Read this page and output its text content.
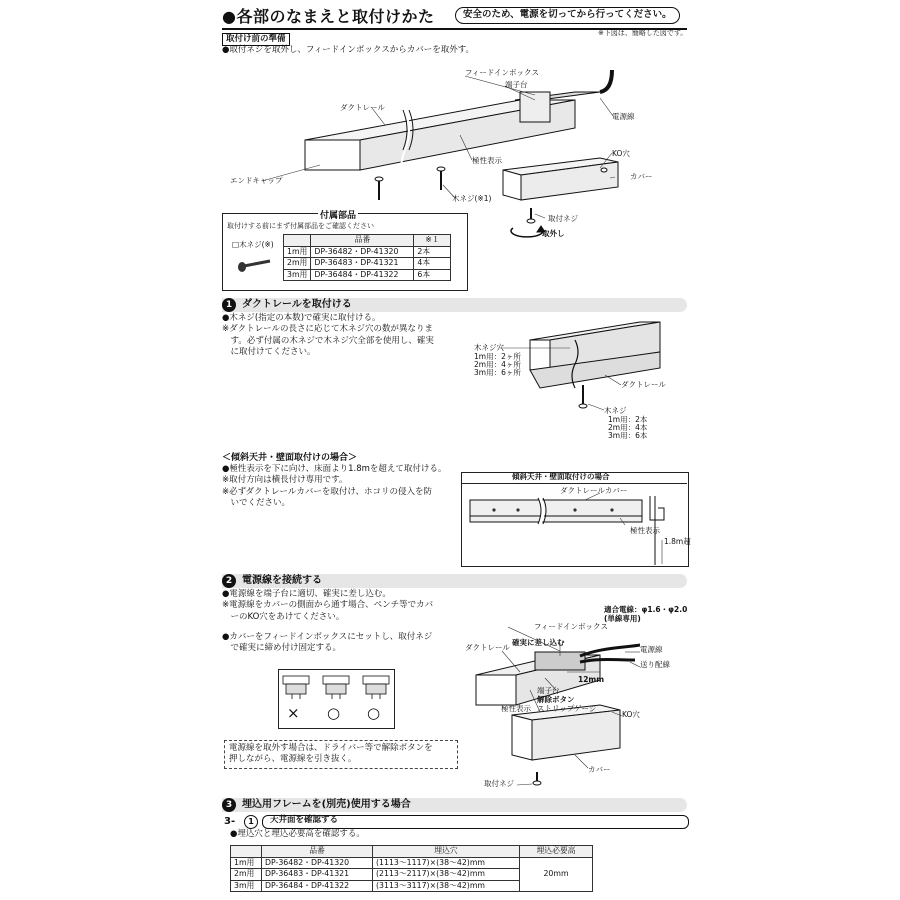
●各部のなまえと取付けかた	安全のため、電源を切ってから行ってください。
※下図は、簡略した図です。
取付け前の準備
●取付ネジを取外し、フィードインボックスからカバーを取外す。
フィードインボックス
端子台
ダクトレール
電源線
極性表示
KO穴
エンドキャップ	カバー
木ネジ(※1)
取付ネジ
取外し
付属部品
取付けする前にまず付属部品をご確認ください
□木ネジ(※)
	品番	※１
1m用	DP-36482・DP-41320	2本
2m用	DP-36483・DP-41321	4本
3m用	DP-36484・DP-41322	6本
1 ダクトレールを取付ける
●木ネジ(指定の本数)で確実に取付ける。
※ダクトレールの長さに応じて木ネジ穴の数が異なりま
　す。必ず付属の木ネジで木ネジ穴全部を使用し、確実
　に取付けてください。	木ネジ穴
1m用：2ヶ所
2m用：4ヶ所
3m用：6ヶ所
ダクトレール
木ネジ
1m用：2本
2m用：4本
3m用：6本
＜傾斜天井・壁面取付けの場合＞
●極性表示を下に向け、床面より1.8mを超えて取付ける。
※取付方向は横長付け専用です。
※必ずダクトレールカバーを取付け、ホコリの侵入を防
　いでください。
傾斜天井・壁面取付けの場合
ダクトレールカバー
極性表示
1.8m超
2 電源線を接続する
●電源線を端子台に適切、確実に差し込む。
※電源線をカバーの側面から通す場合、ペンチ等でカバ
　ーのKO穴をあけてください。
●カバーをフィードインボックスにセットし、取付ネジ
　で確実に締め付け固定する。
× ○ ○
電源線を取外す場合は、ドライバー等で解除ボタンを
押しながら、電源線を引き抜く。
適合電線：φ1.6・φ2.0
(単線専用)
フィードインボックス
確実に差し込む
ダクトレール	電源線
送り配線
12mm
端子台
解除ボタン
ストリップゲージ
極性表示
KO穴
カバー
取付ネジ
3 埋込用フレームを(別売)使用する場合
3-	1	天井面を確認する
●埋込穴と埋込必要高を確認する。
	品番	埋込穴	埋込必要高
1m用	DP-36482・DP-41320	(1113〜1117)×(38〜42)mm	20mm
2m用	DP-36483・DP-41321	(2113〜2117)×(38〜42)mm	
3m用	DP-36484・DP-41322	(3113〜3117)×(38〜42)mm	
